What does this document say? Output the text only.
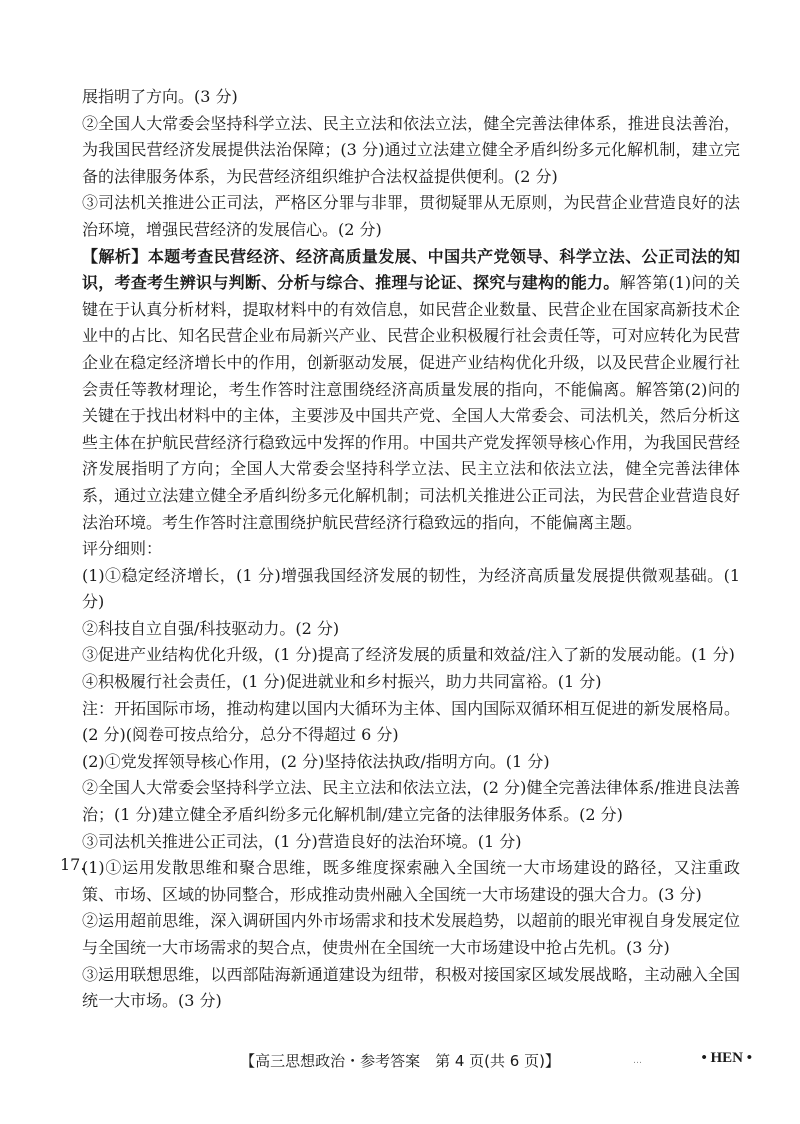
展指明了方向。(3 分)

②全国人大常委会坚持科学立法、民主立法和依法立法，健全完善法律体系，推进良法善治，为我国民营经济发展提供法治保障；(3 分)通过立法建立健全矛盾纠纷多元化解机制，建立完备的法律服务体系，为民营经济组织维护合法权益提供便利。(2 分)

③司法机关推进公正司法，严格区分罪与非罪，贯彻疑罪从无原则，为民营企业营造良好的法治环境，增强民营经济的发展信心。(2 分)

【解析】本题考查民营经济、经济高质量发展、中国共产党领导、科学立法、公正司法的知识，考查考生辨识与判断、分析与综合、推理与论证、探究与建构的能力。解答第(1)问的关键在于认真分析材料，提取材料中的有效信息，如民营企业数量、民营企业在国家高新技术企业中的占比、知名民营企业布局新兴产业、民营企业积极履行社会责任等，可对应转化为民营企业在稳定经济增长中的作用，创新驱动发展，促进产业结构优化升级，以及民营企业履行社会责任等教材理论，考生作答时注意围绕经济高质量发展的指向，不能偏离。解答第(2)问的关键在于找出材料中的主体，主要涉及中国共产党、全国人大常委会、司法机关，然后分析这些主体在护航民营经济行稳致远中发挥的作用。中国共产党发挥领导核心作用，为我国民营经济发展指明了方向；全国人大常委会坚持科学立法、民主立法和依法立法，健全完善法律体系，通过立法建立健全矛盾纠纷多元化解机制；司法机关推进公正司法，为民营企业营造良好法治环境。考生作答时注意围绕护航民营经济行稳致远的指向，不能偏离主题。

评分细则：

(1)①稳定经济增长，(1 分)增强我国经济发展的韧性，为经济高质量发展提供微观基础。(1 分)

②科技自立自强/科技驱动力。(2 分)

③促进产业结构优化升级，(1 分)提高了经济发展的质量和效益/注入了新的发展动能。(1 分)

④积极履行社会责任，(1 分)促进就业和乡村振兴，助力共同富裕。(1 分)

注：开拓国际市场，推动构建以国内大循环为主体、国内国际双循环相互促进的新发展格局。(2 分)(阅卷可按点给分，总分不得超过 6 分)

(2)①党发挥领导核心作用，(2 分)坚持依法执政/指明方向。(1 分)

②全国人大常委会坚持科学立法、民主立法和依法立法，(2 分)健全完善法律体系/推进良法善治；(1 分)建立健全矛盾纠纷多元化解机制/建立完备的法律服务体系。(2 分)

③司法机关推进公正司法，(1 分)营造良好的法治环境。(1 分)

17.

(1)①运用发散思维和聚合思维，既多维度探索融入全国统一大市场建设的路径，又注重政策、市场、区域的协同整合，形成推动贵州融入全国统一大市场建设的强大合力。(3 分)

②运用超前思维，深入调研国内外市场需求和技术发展趋势，以超前的眼光审视自身发展定位与全国统一大市场需求的契合点，使贵州在全国统一大市场建设中抢占先机。(3 分)

③运用联想思维，以西部陆海新通道建设为纽带，积极对接国家区域发展战略，主动融入全国统一大市场。(3 分)

【高三思想政治・参考答案　第 4 页(共 6 页)】	…	• HEN •
